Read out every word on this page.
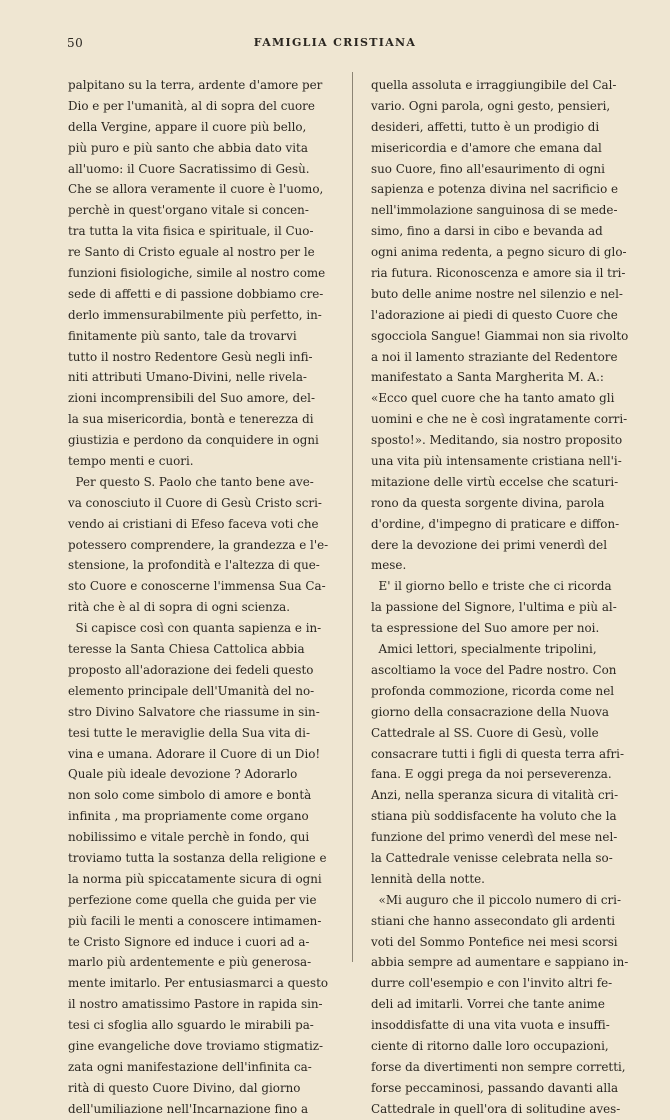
50	FAMIGLIA CRISTIANA
palpitano su la terra, ardente d'amore per
Dio e per l'umanità, al di sopra del cuore
della Vergine, appare il cuore più bello,
più puro e più santo che abbia dato vita
all'uomo: il Cuore Sacratissimo di Gesù.
Che se allora veramente il cuore è l'uomo,
perchè in quest'organo vitale si concen-
tra tutta la vita fisica e spirituale, il Cuo-
re Santo di Cristo eguale al nostro per le
funzioni fisiologiche, simile al nostro come
sede di affetti e di passione dobbiamo cre-
derlo immensurabilmente più perfetto, in-
finitamente più santo, tale da trovarvi
tutto il nostro Redentore Gesù negli infi-
niti attributi Umano-Divini, nelle rivela-
zioni incomprensibili del Suo amore, del-
la sua misericordia, bontà e tenerezza di
giustizia e perdono da conquidere in ogni
tempo menti e cuori.
Per questo S. Paolo che tanto bene ave-
va conosciuto il Cuore di Gesù Cristo scri-
vendo ai cristiani di Efeso faceva voti che
potessero comprendere, la grandezza e l'e-
stensione, la profondità e l'altezza di que-
sto Cuore e conoscerne l'immensa Sua Ca-
rità che è al di sopra di ogni scienza.
Si capisce così con quanta sapienza e in-
teresse la Santa Chiesa Cattolica abbia
proposto all'adorazione dei fedeli questo
elemento principale dell'Umanità del no-
stro Divino Salvatore che riassume in sin-
tesi tutte le meraviglie della Sua vita di-
vina e umana. Adorare il Cuore di un Dio!
Quale più ideale devozione ? Adorarlo
non solo come simbolo di amore e bontà
infinita , ma propriamente come organo
nobilissimo e vitale perchè in fondo, qui
troviamo tutta la sostanza della religione e
la norma più spiccatamente sicura di ogni
perfezione come quella che guida per vie
più facili le menti a conoscere intimamen-
te Cristo Signore ed induce i cuori ad a-
marlo più ardentemente e più generosa-
mente imitarlo. Per entusiasmarci a questo
il nostro amatissimo Pastore in rapida sin-
tesi ci sfoglia allo sguardo le mirabili pa-
gine evangeliche dove troviamo stigmatiz-
zata ogni manifestazione dell'infinita ca-
rità di questo Cuore Divino, dal giorno
dell'umiliazione nell'Incarnazione fino a
quella assoluta e irraggiungibile del Cal-
vario. Ogni parola, ogni gesto, pensieri,
desideri, affetti, tutto è un prodigio di
misericordia e d'amore che emana dal
suo Cuore, fino all'esaurimento di ogni
sapienza e potenza divina nel sacrificio e
nell'immolazione sanguinosa di se mede-
simo, fino a darsi in cibo e bevanda ad
ogni anima redenta, a pegno sicuro di glo-
ria futura. Riconoscenza e amore sia il tri-
buto delle anime nostre nel silenzio e nel-
l'adorazione ai piedi di questo Cuore che
sgocciola Sangue! Giammai non sia rivolto
a noi il lamento straziante del Redentore
manifestato a Santa Margherita M. A.:
«Ecco quel cuore che ha tanto amato gli
uomini e che ne è così ingratamente corri-
sposto!». Meditando, sia nostro proposito
una vita più intensamente cristiana nell'i-
mitazione delle virtù eccelse che scaturi-
rono da questa sorgente divina, parola
d'ordine, d'impegno di praticare e diffon-
dere la devozione dei primi venerdì del
mese.
E' il giorno bello e triste che ci ricorda
la passione del Signore, l'ultima e più al-
ta espressione del Suo amore per noi.
Amici lettori, specialmente tripolini,
ascoltiamo la voce del Padre nostro. Con
profonda commozione, ricorda come nel
giorno della consacrazione della Nuova
Cattedrale al SS. Cuore di Gesù, volle
consacrare tutti i figli di questa terra afri-
fana. E oggi prega da noi perseverenza.
Anzi, nella speranza sicura di vitalità cri-
stiana più soddisfacente ha voluto che la
funzione del primo venerdì del mese nel-
la Cattedrale venisse celebrata nella so-
lennità della notte.
«Mi auguro che il piccolo numero di cri-
stiani che hanno assecondato gli ardenti
voti del Sommo Pontefice nei mesi scorsi
abbia sempre ad aumentare e sappiano in-
durre coll'esempio e con l'invito altri fe-
deli ad imitarli. Vorrei che tante anime
insoddisfatte di una vita vuota e insuffi-
ciente di ritorno dalle loro occupazioni,
forse da divertimenti non sempre corretti,
forse peccaminosi, passando davanti alla
Cattedrale in quell'ora di solitudine aves-
